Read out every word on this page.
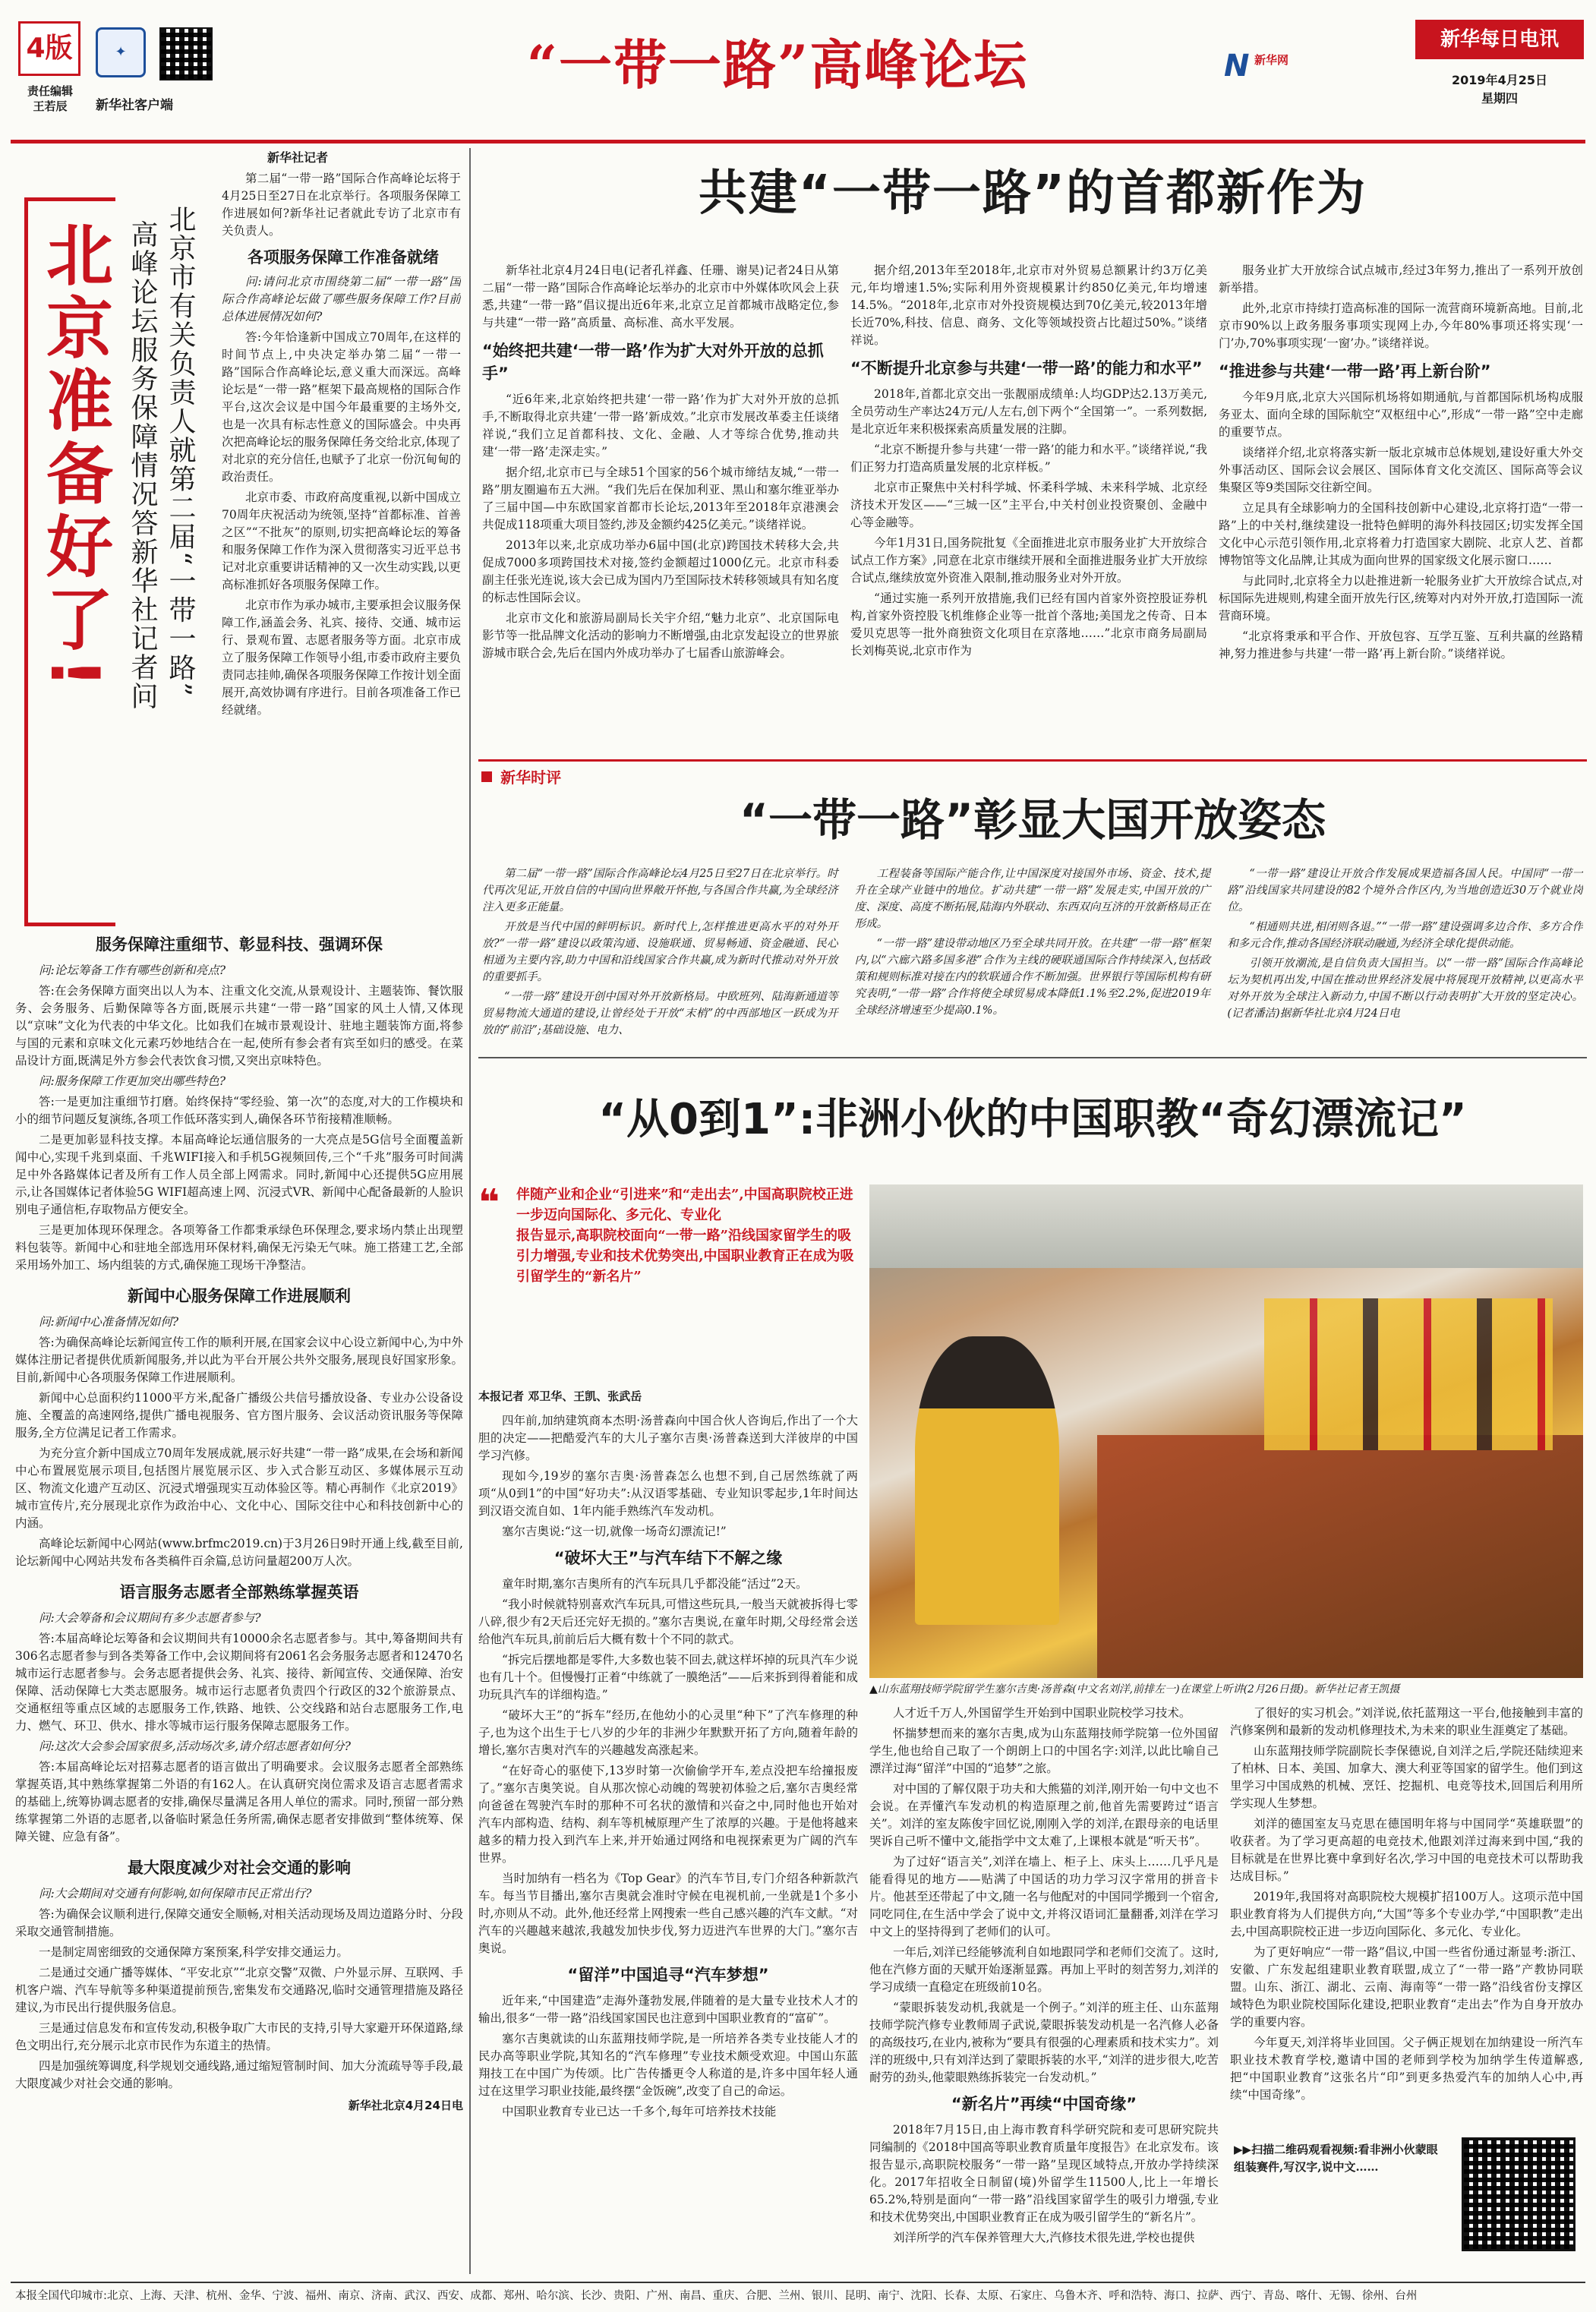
4版
责任编辑
王若辰
✦
新华社客户端
“一带一路”高峰论坛	N 新华网
新华每日电讯
2019年4月25日
星期四
北京准备好了! 高峰论坛服务保障情况答新华社记者问 北京市有关负责人就第二届“一带一路”
新华社记者

第二届“一带一路”国际合作高峰论坛将于4月25日至27日在北京举行。各项服务保障工作进展如何?新华社记者就此专访了北京市有关负责人。

各项服务保障工作准备就绪

问:请问北京市围绕第二届“一带一路”国际合作高峰论坛做了哪些服务保障工作?目前总体进展情况如何?

答:今年恰逢新中国成立70周年,在这样的时间节点上,中央决定举办第二届“一带一路”国际合作高峰论坛,意义重大而深远。高峰论坛是“一带一路”框架下最高规格的国际合作平台,这次会议是中国今年最重要的主场外交,也是一次具有标志性意义的国际盛会。中央再次把高峰论坛的服务保障任务交给北京,体现了对北京的充分信任,也赋予了北京一份沉甸甸的政治责任。

北京市委、市政府高度重视,以新中国成立70周年庆祝活动为统领,坚持“首都标准、首善之区”“不批灰”的原则,切实把高峰论坛的筹备和服务保障工作作为深入贯彻落实习近平总书记对北京重要讲话精神的又一次生动实践,以更高标准抓好各项服务保障工作。

北京市作为承办城市,主要承担会议服务保障工作,涵盖会务、礼宾、接待、交通、城市运行、景观布置、志愿者服务等方面。北京市成立了服务保障工作领导小组,市委市政府主要负责同志挂帅,确保各项服务保障工作按计划全面展开,高效协调有序进行。目前各项准备工作已经就绪。

服务保障注重细节、彰显科技、强调环保

问:论坛筹备工作有哪些创新和亮点?

答:在会务保障方面突出以人为本、注重文化交流,从景观设计、主题装饰、餐饮服务、会务服务、后勤保障等各方面,既展示共建“一带一路”国家的风土人情,又体现以“京味”文化为代表的中华文化。比如我们在城市景观设计、驻地主题装饰方面,将参与国的元素和京味文化元素巧妙地结合在一起,使所有参会者有宾至如归的感受。在菜品设计方面,既满足外方参会代表饮食习惯,又突出京味特色。

问:服务保障工作更加突出哪些特色?

答:一是更加注重细节打磨。始终保持“零经验、第一次”的态度,对大的工作模块和小的细节问题反复演练,各项工作低环落实到人,确保各环节衔接精准顺畅。

二是更加彰显科技支撑。本届高峰论坛通信服务的一大亮点是5G信号全面覆盖新闻中心,实现千兆到桌面、千兆WIFI接入和手机5G视频回传,三个“千兆”服务可时间满足中外各路媒体记者及所有工作人员全部上网需求。同时,新闻中心还提供5G应用展示,让各国媒体记者体验5G WIFI超高速上网、沉浸式VR、新闻中心配备最新的人脸识别电子通信柜,存取物品方便安全。

三是更加体现环保理念。各项筹备工作都秉承绿色环保理念,要求场内禁止出现塑料包装等。新闻中心和驻地全部选用环保材料,确保无污染无气味。施工搭建工艺,全部采用场外加工、场内组装的方式,确保施工现场干净整洁。

新闻中心服务保障工作进展顺利

问:新闻中心准备情况如何?

答:为确保高峰论坛新闻宣传工作的顺利开展,在国家会议中心设立新闻中心,为中外媒体注册记者提供优质新闻服务,并以此为平台开展公共外交服务,展现良好国家形象。目前,新闻中心各项服务保障工作进展顺利。

新闻中心总面积约11000平方米,配备广播级公共信号播放设备、专业办公设备设施、全覆盖的高速网络,提供广播电视服务、官方图片服务、会议活动资讯服务等保障服务,全方位满足记者工作需求。

为充分宣介新中国成立70周年发展成就,展示好共建“一带一路”成果,在会场和新闻中心布置展览展示项目,包括图片展览展示区、步入式合影互动区、多媒体展示互动区、物流文化遗产互动区、沉浸式增强现实互动体验区等。精心再制作《北京2019》城市宣传片,充分展现北京作为政治中心、文化中心、国际交往中心和科技创新中心的内涵。

高峰论坛新闻中心网站(www.brfmc2019.cn)于3月26日9时开通上线,截至目前,论坛新闻中心网站共发布各类稿件百余篇,总访问量超200万人次。

语言服务志愿者全部熟练掌握英语

问:大会筹备和会议期间有多少志愿者参与?

答:本届高峰论坛筹备和会议期间共有10000余名志愿者参与。其中,筹备期间共有306名志愿者参与到各类筹备工作中,会议期间将有2061名会务服务志愿者和12470名城市运行志愿者参与。会务志愿者提供会务、礼宾、接待、新闻宣传、交通保障、治安保障、活动保障七大类志愿服务。城市运行志愿者负责四个行政区的32个旅游景点、交通枢纽等重点区域的志愿服务工作,铁路、地铁、公交线路和站台志愿服务工作,电力、燃气、环卫、供水、排水等城市运行服务保障志愿服务工作。

问:这次大会参会国家很多,活动场次多,请介绍志愿者如何分?

答:本届高峰论坛对招募志愿者的语言做出了明确要求。会议服务志愿者全部熟练掌握英语,其中熟练掌握第二外语的有162人。在认真研究岗位需求及语言志愿者需求的基础上,统筹协调志愿者的安排,确保尽量满足各用人单位的需求。同时,预留一部分熟练掌握第二外语的志愿者,以备临时紧急任务所需,确保志愿者安排做到“整体统筹、保障关键、应急有备”。

最大限度减少对社会交通的影响

问:大会期间对交通有何影响,如何保障市民正常出行?

答:为确保会议顺利进行,保障交通安全顺畅,对相关活动现场及周边道路分时、分段采取交通管制措施。

一是制定周密细致的交通保障方案预案,科学安排交通运力。

二是通过交通广播等媒体、“平安北京”“北京交警”双微、户外显示屏、互联网、手机客户端、汽车导航等多种渠道提前预告,密集发布交通路况,临时交通管理措施及路径建议,为市民出行提供服务信息。

三是通过信息发布和宣传发动,积极争取广大市民的支持,引导大家避开环保道路,绿色文明出行,充分展示北京市民作为东道主的热情。

四是加强统筹调度,科学规划交通线路,通过缩短管制时间、加大分流疏导等手段,最大限度减少对社会交通的影响。

新华社北京4月24日电
共建“一带一路”的首都新作为

新华社北京4月24日电(记者孔祥鑫、任珊、谢昊)记者24日从第二届“一带一路”国际合作高峰论坛举办的北京市中外媒体吹风会上获悉,共建“一带一路”倡议提出近6年来,北京立足首都城市战略定位,参与共建“一带一路”高质量、高标准、高水平发展。

“始终把共建‘一带一路’作为扩大对外开放的总抓手”

“近6年来,北京始终把共建‘一带一路’作为扩大对外开放的总抓手,不断取得北京共建‘一带一路’新成效。”北京市发展改革委主任谈绪祥说,“我们立足首都科技、文化、金融、人才等综合优势,推动共建‘一带一路’走深走实。”

据介绍,北京市已与全球51个国家的56个城市缔结友城,“一带一路”朋友圈遍布五大洲。“我们先后在保加利亚、黑山和塞尔维亚举办了三届中国—中东欧国家首都市长论坛,2013年至2018年京港澳会共促成118项重大项目签约,涉及金额约425亿美元。”谈绪祥说。

2013年以来,北京成功举办6届中国(北京)跨国技术转移大会,共促成7000多项跨国技术对接,签约金额超过1000亿元。北京市科委副主任张光连说,该大会已成为国内乃至国际技术转移领域具有知名度的标志性国际会议。

北京市文化和旅游局副局长关宇介绍,“魅力北京”、北京国际电影节等一批品牌文化活动的影响力不断增强,由北京发起设立的世界旅游城市联合会,先后在国内外成功举办了七届香山旅游峰会。

据介绍,2013年至2018年,北京市对外贸易总额累计约3万亿美元,年均增速1.5%;实际利用外资规模累计约850亿美元,年均增速14.5%。“2018年,北京市对外投资规模达到70亿美元,较2013年增长近70%,科技、信息、商务、文化等领域投资占比超过50%。”谈绪祥说。

“不断提升北京参与共建‘一带一路’的能力和水平”

2018年,首都北京交出一张靓丽成绩单:人均GDP达2.13万美元,全员劳动生产率达24万元/人左右,创下两个“全国第一”。一系列数据,是北京近年来积极探索高质量发展的注脚。

“北京不断提升参与共建‘一带一路’的能力和水平。”谈绪祥说,“我们正努力打造高质量发展的北京样板。”

北京市正聚焦中关村科学城、怀柔科学城、未来科学城、北京经济技术开发区——“三城一区”主平台,中关村创业投资聚创、金融中心等金融等。

今年1月31日,国务院批复《全面推进北京市服务业扩大开放综合试点工作方案》,同意在北京市继续开展和全面推进服务业扩大开放综合试点,继续放宽外资准入限制,推动服务业对外开放。

“通过实施一系列开放措施,我们已经有国内首家外资控股证券机构,首家外资控股飞机维修企业等一批首个落地;美国龙之传奇、日本爱贝克思等一批外商独资文化项目在京落地……”北京市商务局副局长刘梅英说,北京市作为

服务业扩大开放综合试点城市,经过3年努力,推出了一系列开放创新举措。

此外,北京市持续打造高标准的国际一流营商环境新高地。目前,北京市90%以上政务服务事项实现网上办,今年80%事项还将实现‘一门’办,70%事项实现‘一窗’办。”谈绪祥说。

“推进参与共建‘一带一路’再上新台阶”

今年9月底,北京大兴国际机场将如期通航,与首都国际机场构成服务亚太、面向全球的国际航空“双枢纽中心”,形成“一带一路”空中走廊的重要节点。

谈绪祥介绍,北京将落实新一版北京城市总体规划,建设好重大外交外事活动区、国际会议会展区、国际体育文化交流区、国际高等会议集聚区等9类国际交往新空间。

立足具有全球影响力的全国科技创新中心建设,北京将打造“一带一路”上的中关村,继续建设一批特色鲜明的海外科技园区;切实发挥全国文化中心示范引领作用,北京将着力打造国家大剧院、北京人艺、首都博物馆等文化品牌,让其成为面向世界的国家级文化展示窗口……

与此同时,北京将全力以赴推进新一轮服务业扩大开放综合试点,对标国际先进规则,构建全面开放先行区,统筹对内对外开放,打造国际一流营商环境。

“北京将秉承和平合作、开放包容、互学互鉴、互利共赢的丝路精神,努力推进参与共建‘一带一路’再上新台阶。”谈绪祥说。

新华时评
“一带一路”彰显大国开放姿态

第二届“一带一路”国际合作高峰论坛4月25日至27日在北京举行。时代再次见证,开放自信的中国向世界敞开怀抱,与各国合作共赢,为全球经济注入更多正能量。

开放是当代中国的鲜明标识。新时代上,怎样推进更高水平的对外开放?“一带一路”建设以政策沟通、设施联通、贸易畅通、资金融通、民心相通为主要内容,助力中国和沿线国家合作共赢,成为新时代推动对外开放的重要抓手。

“一带一路”建设开创中国对外开放新格局。中欧班列、陆海新通道等贸易物流大通道的建设,让曾经处于开放“末梢”的中西部地区一跃成为开放的“前沿”;基础设施、电力、

工程装备等国际产能合作,让中国深度对接国外市场、资金、技术,提升在全球产业链中的地位。扩动共建“一带一路”发展走实,中国开放的广度、深度、高度不断拓展,陆海内外联动、东西双向互济的开放新格局正在形成。

“一带一路”建设带动地区乃至全球共同开放。在共建“一带一路”框架内,以“六廊六路多国多港”合作为主线的硬联通国际合作持续深入,包括政策和规则标准对接在内的软联通合作不断加强。世界银行等国际机构有研究表明,“一带一路”合作将使全球贸易成本降低1.1%至2.2%,促进2019年全球经济增速至少提高0.1%。

“一带一路”建设让开放合作发展成果造福各国人民。中国同“一带一路”沿线国家共同建设的82个境外合作区内,为当地创造近30万个就业岗位。

“相通则共进,相闭则各退。”“一带一路”建设强调多边合作、多方合作和多元合作,推动各国经济联动融通,为经济全球化提供动能。

引领开放潮流,是自信负责大国担当。以“一带一路”国际合作高峰论坛为契机再出发,中国在推动世界经济发展中将展现开放精神,以更高水平对外开放为全球注入新动力,中国不断以行动表明扩大开放的坚定决心。(记者潘洁)据新华社北京4月24日电

“从0到1”:非洲小伙的中国职教“奇幻漂流记”
❝ 伴随产业和企业“引进来”和“走出去”,中国高职院校正进一步迈向国际化、多元化、专业化
报告显示,高职院校面向“一带一路”沿线国家留学生的吸引力增强,专业和技术优势突出,中国职业教育正在成为吸引留学生的“新名片”
本报记者 邓卫华、王凯、张武岳

四年前,加纳建筑商本杰明·汤普森向中国合伙人咨询后,作出了一个大胆的决定——把酷爱汽车的大儿子塞尔吉奥·汤普森送到大洋彼岸的中国学习汽修。

现如今,19岁的塞尔吉奥·汤普森怎么也想不到,自己居然练就了两项“从0到1”的中国“好功夫”:从汉语零基础、专业知识零起步,1年时间达到汉语交流自如、1年内能手熟练汽车发动机。

塞尔吉奥说:“这一切,就像一场奇幻漂流记!”

“破坏大王”与汽车结下不解之缘

童年时期,塞尔吉奥所有的汽车玩具几乎都没能“活过”2天。

“我小时候就特别喜欢汽车玩具,可惜这些玩具,一般当天就被拆得七零八碎,很少有2天后还完好无损的。”塞尔吉奥说,在童年时期,父母经常会送给他汽车玩具,前前后后大概有数十个不同的款式。

“拆完后摆地都是零件,大多数也装不回去,就这样坏掉的玩具汽车少说也有几十个。但慢慢打正着“中练就了一膜绝活”——后来拆到得着能和成功玩具汽车的详细构造。”

“破坏大王”的“拆车”经历,在他幼小的心灵里“种下”了汽车修理的种子,也为这个出生于七八岁的少年的非洲少年默默开拓了方向,随着年龄的增长,塞尔吉奥对汽车的兴趣越发高涨起来。

“在好奇心的驱使下,13岁时第一次偷偷学开车,差点没把车给撞报废了。”塞尔吉奥笑说。自从那次惊心动魄的驾驶初体验之后,塞尔吉奥经常向爸爸在驾驶汽车时的那种不可名状的激情和兴奋之中,同时他也开始对汽车内部构造、结构、刹车等机械原理产生了浓厚的兴趣。于是他将越来越多的精力投入到汽车上来,并开始通过网络和电视探索更为广阔的汽车世界。

当时加纳有一档名为《Top Gear》的汽车节目,专门介绍各种新款汽车。每当节目播出,塞尔吉奥就会准时守候在电视机前,一坐就是1个多小时,亦则从不动。此外,他还经常上网搜索一些自己感兴趣的汽车文献。“对汽车的兴趣越来越浓,我越发加快步伐,努力迈进汽车世界的大门。”塞尔吉奥说。

“留洋”中国追寻“汽车梦想”

近年来,“中国建造”走海外蓬勃发展,伴随着的是大量专业技术人才的输出,很多“一带一路”沿线国家国民也注意到中国职业教育的“富矿”。

塞尔吉奥就读的山东蓝翔技师学院,是一所培养各类专业技能人才的民办高等职业学院,其知名的“汽车修理”专业技术颇受欢迎。中国山东蓝翔技工在中国广为传颂。比广告传播更令人称道的是,许多中国年轻人通过在这里学习职业技能,最终摆“金饭碗”,改变了自己的命运。

中国职业教育专业已达一千多个,每年可培养技术技能

▲山东蓝翔技师学院留学生塞尔吉奥·汤普森(中文名刘洋,前排左一)在课堂上听讲(2月26日摄)。新华社记者王凯摄

人才近千万人,外国留学生开始到中国职业院校学习技术。

怀揣梦想而来的塞尔吉奥,成为山东蓝翔技师学院第一位外国留学生,他也给自己取了一个朗朗上口的中国名字:刘洋,以此比喻自己漂洋过海“留洋”中国的“追梦”之旅。

对中国的了解仅限于功夫和大熊猫的刘洋,刚开始一句中文也不会说。在弄懂汽车发动机的构造原理之前,他首先需要跨过“语言关”。刘洋的室友陈俊宇回忆说,刚刚入学的刘洋,在跟母亲的电话里哭诉自己听不懂中文,能指学中文太难了,上课根本就是“听天书”。

为了过好“语言关”,刘洋在墙上、柜子上、床头上……几乎凡是能看得见的地方——贴满了中国话的功力学习汉字常用的拼音卡片。他甚至还带起了中文,随一名与他配对的中国同学搬到一个宿舍,同吃同住,在生活中学会了说中文,并将汉语词汇量翻番,刘洋在学习中文上的坚持得到了老师们的认可。

一年后,刘洋已经能够流利自如地跟同学和老师们交流了。这时,他在汽修方面的天赋开始逐渐显露。再加上平时的刻苦努力,刘洋的学习成绩一直稳定在班级前10名。

“蒙眼拆装发动机,我就是一个例子。”刘洋的班主任、山东蓝翔技师学院汽修专业教师周子武说,蒙眼拆装发动机是一名汽修人必备的高级技巧,在业内,被称为“要具有很强的心理素质和技术实力”。刘洋的班级中,只有刘洋达到了蒙眼拆装的水平,“刘洋的进步很大,吃苦耐劳的劲头,他蒙眼熟练拆装完一台发动机。”

“新名片”再续“中国奇缘”

2018年7月15日,由上海市教育科学研究院和麦可思研究院共同编制的《2018中国高等职业教育质量年度报告》在北京发布。该报告显示,高职院校服务“一带一路”呈现区域特点,开放办学持续深化。2017年招收全日制留(境)外留学生11500人,比上一年增长65.2%,特别是面向“一带一路”沿线国家留学生的吸引力增强,专业和技术优势突出,中国职业教育正在成为吸引留学生的“新名片”。

刘洋所学的汽车保养管理大大,汽修技术很先进,学校也提供

了很好的实习机会。”刘洋说,依托蓝翔这一平台,他接触到丰富的汽修案例和最新的发动机修理技术,为未来的职业生涯奠定了基础。

山东蓝翔技师学院副院长李保德说,自刘洋之后,学院还陆续迎来了柏林、日本、美国、加拿大、澳大利亚等国家的留学生。他们到这里学习中国成熟的机械、烹饪、挖掘机、电竞等技术,回国后利用所学实现人生梦想。

刘洋的德国室友马克思在德国明年将与中国同学“英雄联盟”的收获者。为了学习更高超的电竞技术,他跟刘洋过海来到中国,“我的目标就是在世界比赛中拿到好名次,学习中国的电竞技术可以帮助我达成目标。”

2019年,我国将对高职院校大规模扩招100万人。这项示范中国职业教育将为人们提供方向,“大国”等多个专业办学,“中国职教”走出去,中国高职院校正进一步迈向国际化、多元化、专业化。

为了更好响应“一带一路”倡议,中国一些省份通过渐显考:浙江、安徽、广东发起组建职业教育联盟,成立了“一带一路”产教协同联盟。山东、浙江、湖北、云南、海南等“一带一路”沿线省份支撑区域特色为职业院校国际化建设,把职业教育“走出去”作为自身开放办学的重要内容。

今年夏天,刘洋将毕业回国。父子俩正规划在加纳建设一所汽车职业技术教育学校,邀请中国的老师到学校为加纳学生传道解惑,把“中国职业教育”这张名片“印”到更多热爱汽车的加纳人心中,再续“中国奇缘”。

▶▶扫描二维码观看视频:看非洲小伙蒙眼组装赛件,写汉字,说中文……
本报全国代印城市:北京、上海、天津、杭州、金华、宁波、福州、南京、济南、武汉、西安、成都、郑州、哈尔滨、长沙、贵阳、广州、南昌、重庆、合肥、兰州、银川、昆明、南宁、沈阳、长春、太原、石家庄、乌鲁木齐、呼和浩特、海口、拉萨、西宁、青岛、喀什、无锡、徐州、台州
